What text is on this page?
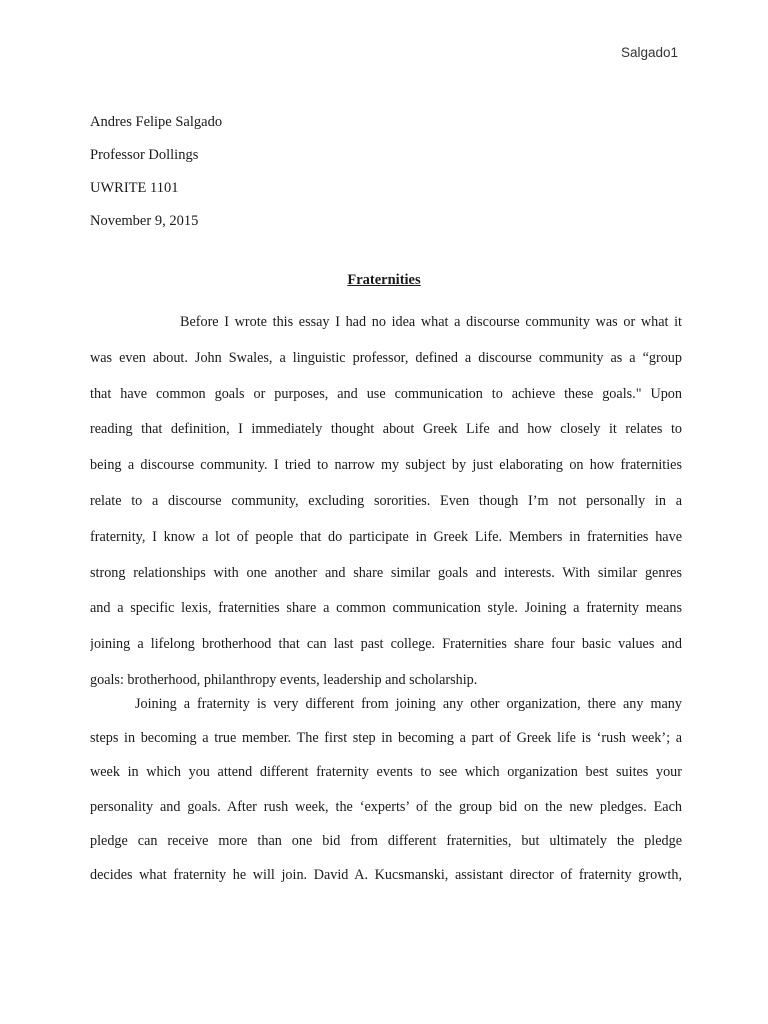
Salgado1
Andres Felipe Salgado
Professor Dollings
UWRITE 1101
November 9, 2015
Fraternities
Before I wrote this essay I had no idea what a discourse community was or what it
was even about. John Swales, a linguistic professor, defined a discourse community as a “group
that have common goals or purposes, and use communication to achieve these goals." Upon
reading that definition, I immediately thought about Greek Life and how closely it relates to
being a discourse community. I tried to narrow my subject by just elaborating on how fraternities
relate to a discourse community, excluding sororities. Even though I’m not personally in a
fraternity, I know a lot of people that do participate in Greek Life. Members in fraternities have
strong relationships with one another and share similar goals and interests. With similar genres
and a specific lexis, fraternities share a common communication style. Joining a fraternity means
joining a lifelong brotherhood that can last past college. Fraternities share four basic values and
goals: brotherhood, philanthropy events, leadership and scholarship.
Joining a fraternity is very different from joining any other organization, there any many
steps in becoming a true member. The first step in becoming a part of Greek life is ‘rush week’; a
week in which you attend different fraternity events to see which organization best suites your
personality and goals. After rush week, the ‘experts’ of the group bid on the new pledges. Each
pledge can receive more than one bid from different fraternities, but ultimately the pledge
decides what fraternity he will join. David A. Kucsmanski, assistant director of fraternity growth,
